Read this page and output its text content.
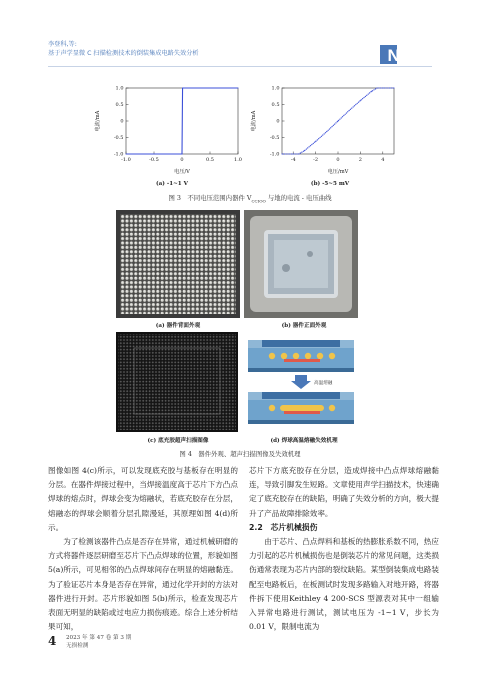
李登科,等:
基于声学显微 C 扫描检测技术的倒装集成电路失效分析	NDT
-1.0	-0.5	0	0.5	1.0
-1.0
-0.5
0
0.5
1.0
电压/V
电流/mA
-4	-2	0	2	4
-1.0
-0.5
0
0.5
1.0
电压/mV
电流/mA
(a) -1~1 V	(b) -5~5 mV
图 3　不同电压范围内器件 $V_{CCIOO}$ 与地的电流 - 电压曲线
(a) 器件背面外观	(b) 器件正面外观
高温熔融
(c) 底充胶超声扫描图像	(d) 焊球高温熔融失效机理
图 4　器件外观、超声扫描图像及失效机理
图像如图 4(c)所示，可以发现底充胶与基板存在明显的分层。在器件焊接过程中，当焊接温度高于芯片下方凸点焊球的熔点时，焊球会变为熔融状，若底充胶存在分层，熔融态的焊球会顺着分层孔隙漫延，其原理如图 4(d)所示。

为了检测该器件凸点是否存在异常，通过机械研磨的方式将器件逐层研磨至芯片下凸点焊球的位置，形貌如图 5(a)所示，可见相邻的凸点焊球间存在明显的熔融黏连。为了验证芯片本身是否存在异常，通过化学开封的方法对器件进行开封。芯片形貌如图 5(b)所示，检查发现芯片表面无明显的缺陷或过电应力损伤痕迹。综合上述分析结果可知，

芯片下方底充胶存在分层，造成焊接中凸点焊球熔融黏连，导致引脚发生短路。文章使用声学扫描技术，快速确定了底充胶存在的缺陷，明确了失效分析的方向，极大提升了产品故障排除效率。
2.2　芯片机械损伤

由于芯片、凸点焊料和基板的热膨胀系数不同，热应力引起的芯片机械损伤也是倒装芯片的常见问题，这类损伤通常表现为芯片内部的裂纹缺陷。某型倒装集成电路装配至电路板后，在板测试时发现多路输入对地开路，将器件拆下使用Keithley 4 200-SCS 型源表对其中一组输入异常电路进行测试，测试电压为 -1~1 V，步长为 0.01 V，限制电流为

4 2023 年 第 47 卷 第 3 期
无损检测
